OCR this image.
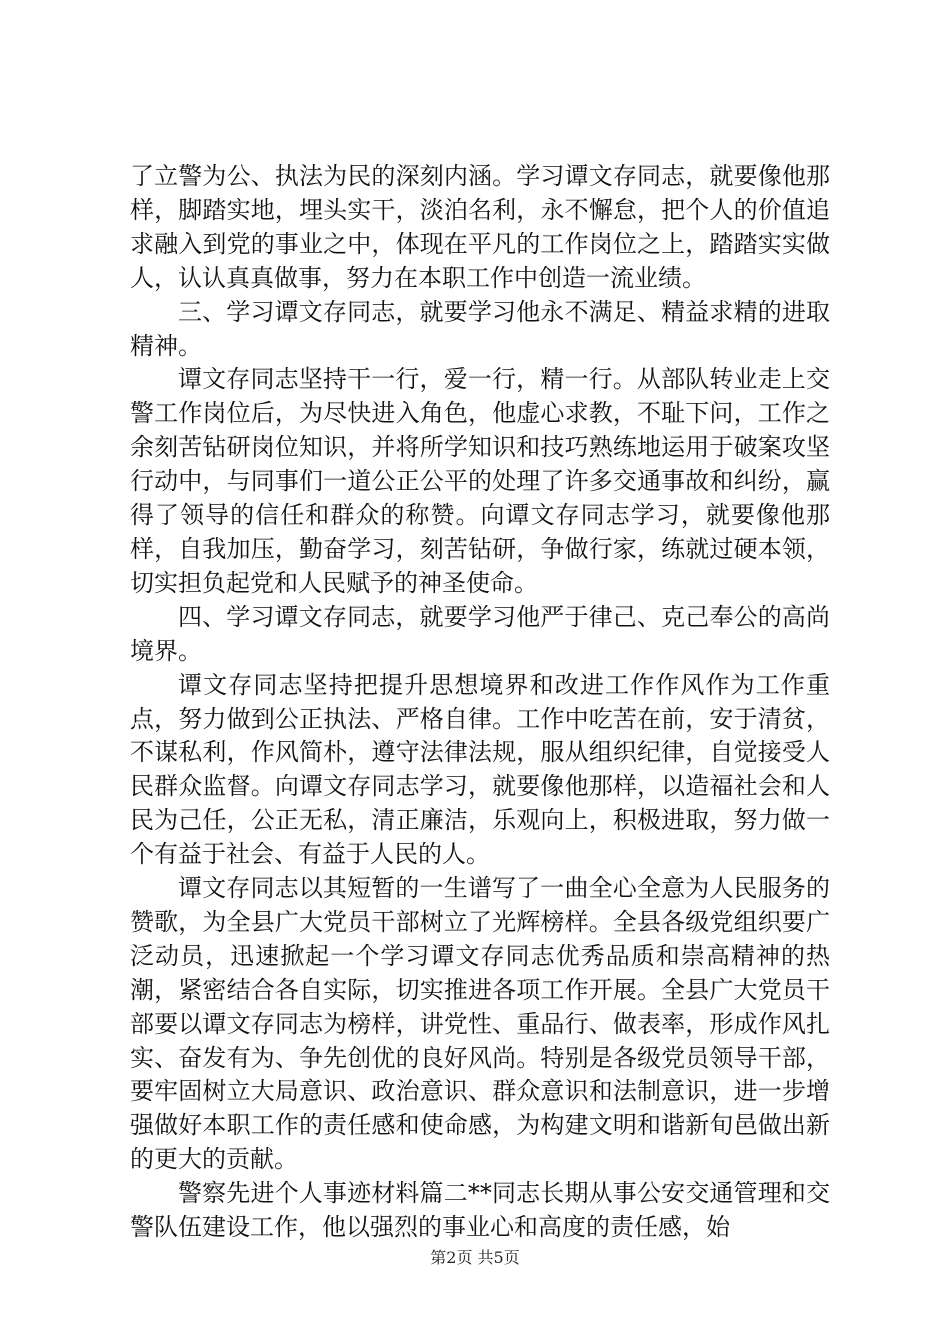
了立警为公、执法为民的深刻内涵。学习谭文存同志，就要像他那样，脚踏实地，埋头实干，淡泊名利，永不懈怠，把个人的价值追求融入到党的事业之中，体现在平凡的工作岗位之上，踏踏实实做人，认认真真做事，努力在本职工作中创造一流业绩。

三、学习谭文存同志，就要学习他永不满足、精益求精的进取精神。

谭文存同志坚持干一行，爱一行，精一行。从部队转业走上交警工作岗位后，为尽快进入角色，他虚心求教，不耻下问，工作之余刻苦钻研岗位知识，并将所学知识和技巧熟练地运用于破案攻坚行动中，与同事们一道公正公平的处理了许多交通事故和纠纷，赢得了领导的信任和群众的称赞。向谭文存同志学习，就要像他那样，自我加压，勤奋学习，刻苦钻研，争做行家，练就过硬本领，切实担负起党和人民赋予的神圣使命。

四、学习谭文存同志，就要学习他严于律己、克己奉公的高尚境界。

谭文存同志坚持把提升思想境界和改进工作作风作为工作重点，努力做到公正执法、严格自律。工作中吃苦在前，安于清贫，不谋私利，作风简朴，遵守法律法规，服从组织纪律，自觉接受人民群众监督。向谭文存同志学习，就要像他那样，以造福社会和人民为己任，公正无私，清正廉洁，乐观向上，积极进取，努力做一个有益于社会、有益于人民的人。

谭文存同志以其短暂的一生谱写了一曲全心全意为人民服务的赞歌，为全县广大党员干部树立了光辉榜样。全县各级党组织要广泛动员，迅速掀起一个学习谭文存同志优秀品质和崇高精神的热潮，紧密结合各自实际，切实推进各项工作开展。全县广大党员干部要以谭文存同志为榜样，讲党性、重品行、做表率，形成作风扎实、奋发有为、争先创优的良好风尚。特别是各级党员领导干部，要牢固树立大局意识、政治意识、群众意识和法制意识，进一步增强做好本职工作的责任感和使命感，为构建文明和谐新旬邑做出新的更大的贡献。

警察先进个人事迹材料篇二**同志长期从事公安交通管理和交警队伍建设工作，他以强烈的事业心和高度的责任感，始

第2页 共5页
